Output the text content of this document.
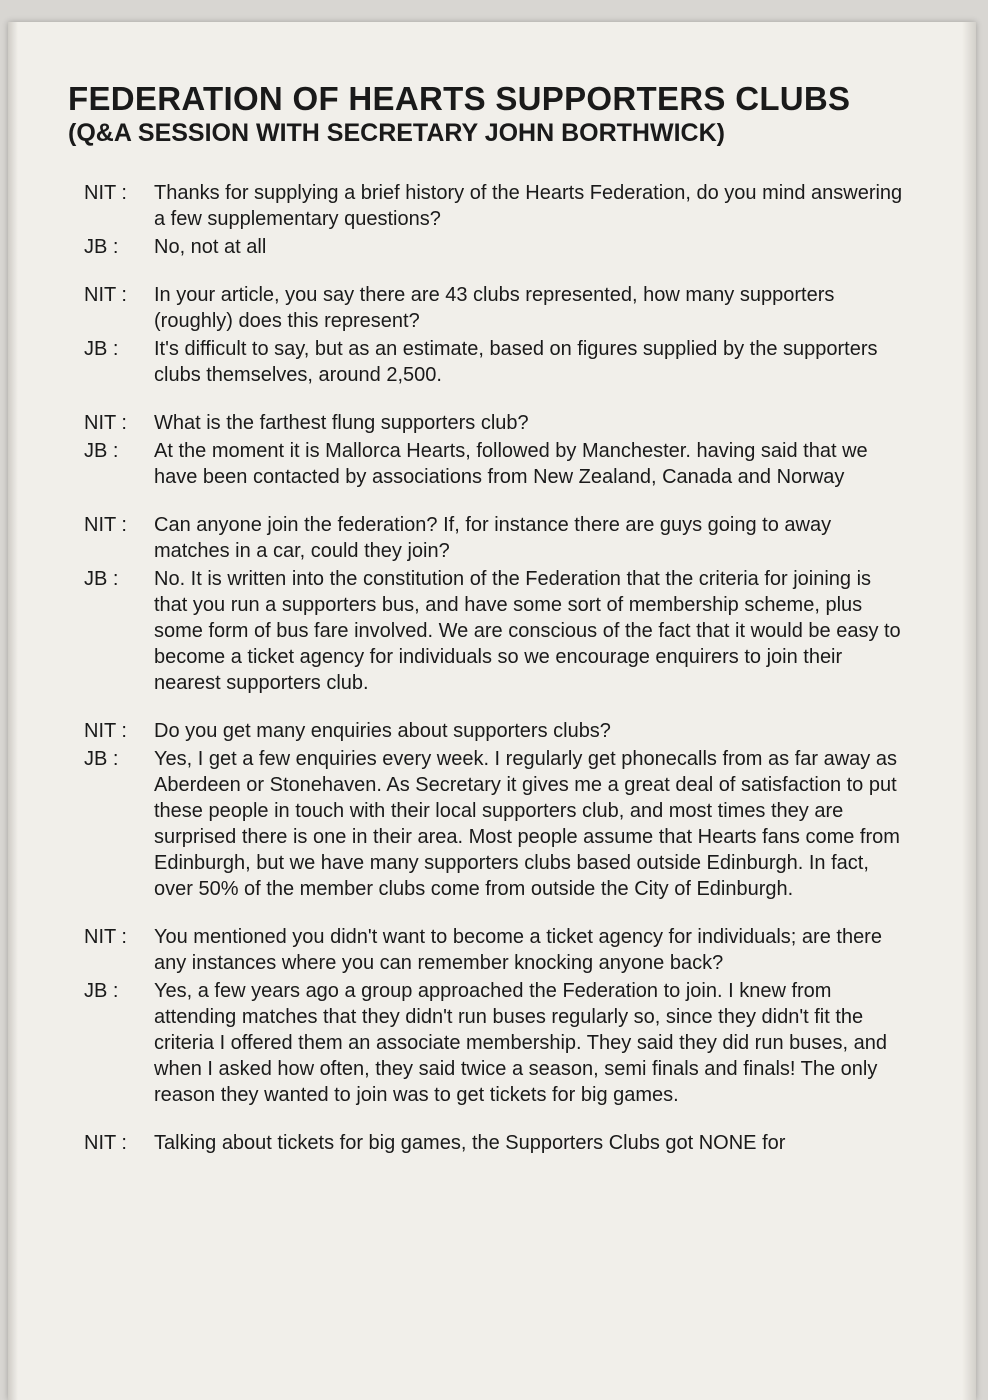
FEDERATION OF HEARTS SUPPORTERS CLUBS
(Q&A SESSION WITH SECRETARY JOHN BORTHWICK)
NIT :	Thanks for supplying a brief history of the Hearts Federation, do you mind answering a few supplementary questions?
JB :	No, not at all
NIT :	In your article, you say there are 43 clubs represented, how many supporters (roughly) does this represent?
JB :	It's difficult to say, but as an estimate, based on figures supplied by the supporters clubs themselves, around 2,500.
NIT :	What is the farthest flung supporters club?
JB :	At the moment it is Mallorca Hearts, followed by Manchester. having said that we have been contacted by associations from New Zealand, Canada and Norway
NIT :	Can anyone join the federation? If, for instance there are guys going to away matches in a car, could they join?
JB :	No. It is written into the constitution of the Federation that the criteria for joining is that you run a supporters bus, and have some sort of membership scheme, plus some form of bus fare involved. We are conscious of the fact that it would be easy to become a ticket agency for individuals so we encourage enquirers to join their nearest supporters club.
NIT :	Do you get many enquiries about supporters clubs?
JB :	Yes, I get a few enquiries every week. I regularly get phonecalls from as far away as Aberdeen or Stonehaven. As Secretary it gives me a great deal of satisfaction to put these people in touch with their local supporters club, and most times they are surprised there is one in their area. Most people assume that Hearts fans come from Edinburgh, but we have many supporters clubs based outside Edinburgh. In fact, over 50% of the member clubs come from outside the City of Edinburgh.
NIT :	You mentioned you didn't want to become a ticket agency for individuals; are there any instances where you can remember knocking anyone back?
JB :	Yes, a few years ago a group approached the Federation to join. I knew from attending matches that they didn't run buses regularly so, since they didn't fit the criteria I offered them an associate membership. They said they did run buses, and when I asked how often, they said twice a season, semi finals and finals! The only reason they wanted to join was to get tickets for big games.
NIT :	Talking about tickets for big games, the Supporters Clubs got NONE for
